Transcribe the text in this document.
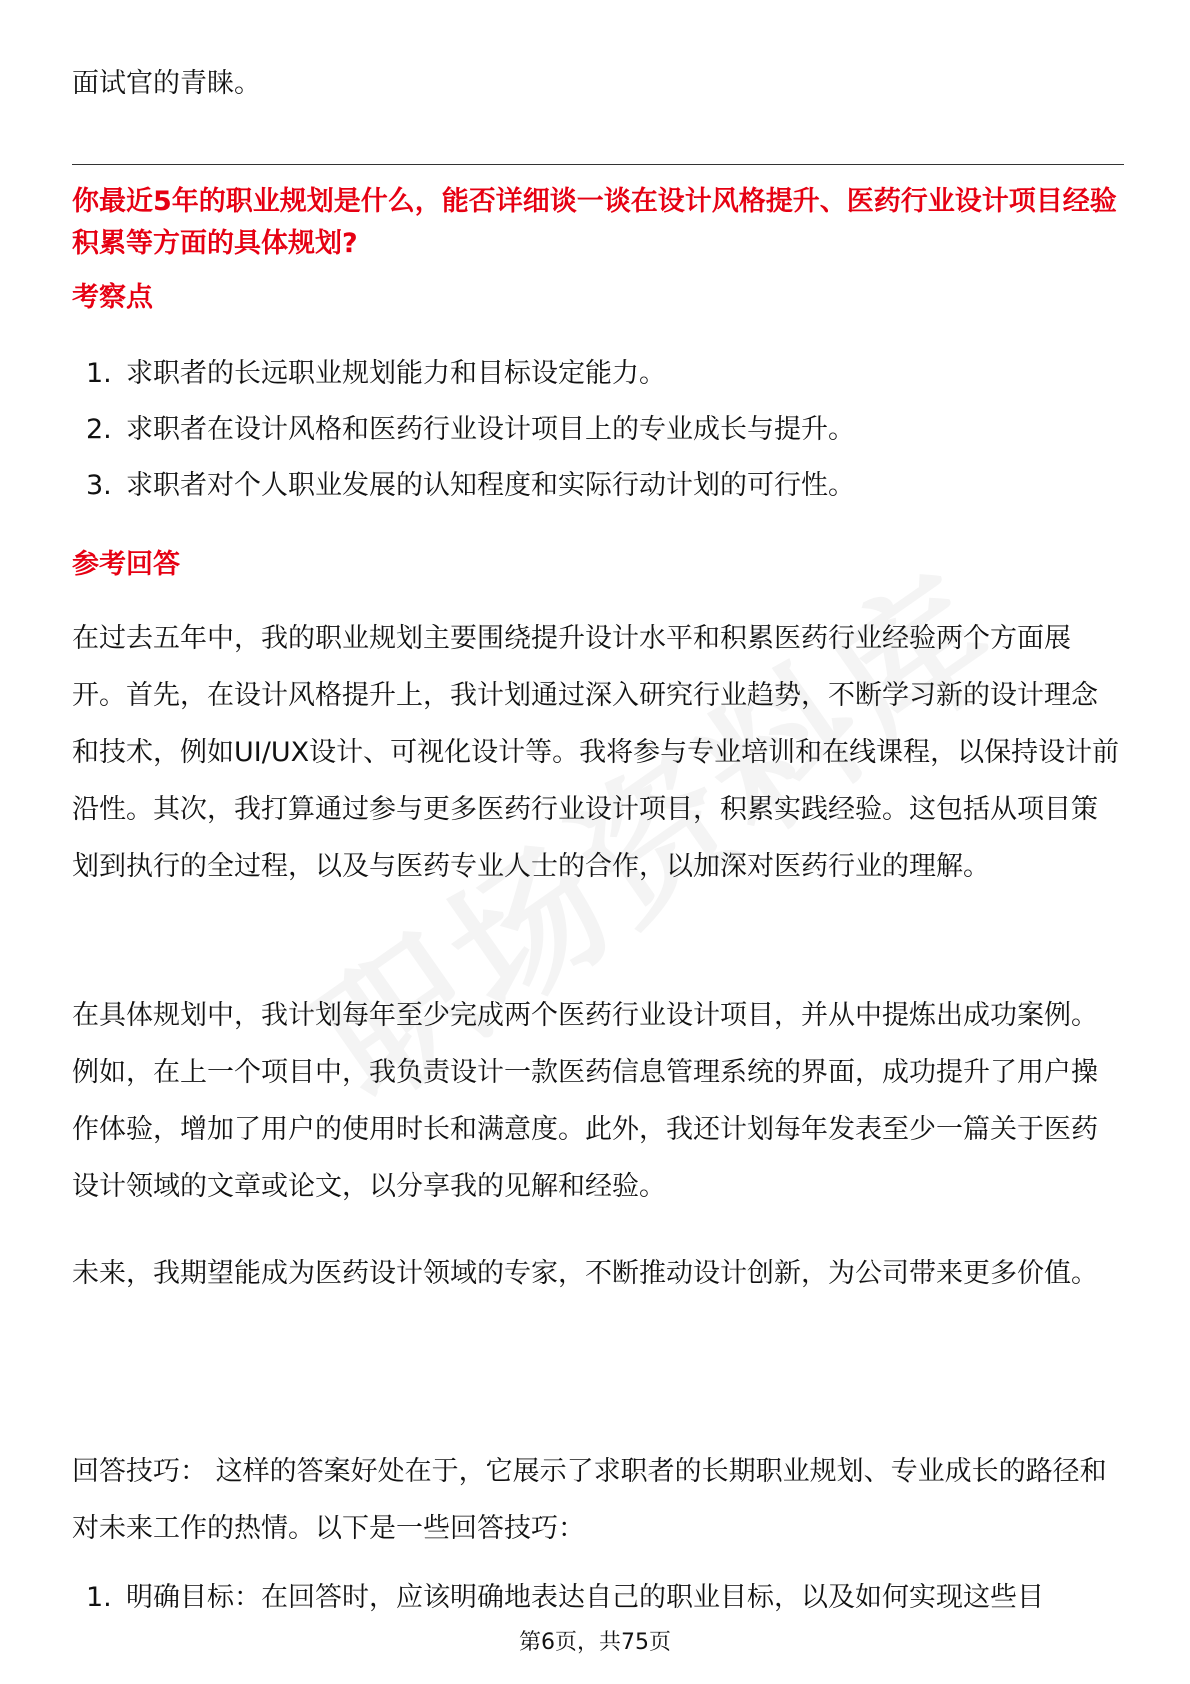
面试官的青睐。

你最近5年的职业规划是什么，能否详细谈一谈在设计风格提升、医药行业设计项目经验积累等方面的具体规划?

考察点

1. 求职者的长远职业规划能力和目标设定能力。
2. 求职者在设计风格和医药行业设计项目上的专业成长与提升。
3. 求职者对个人职业发展的认知程度和实际行动计划的可行性。

参考回答

在过去五年中，我的职业规划主要围绕提升设计水平和积累医药行业经验两个方面展开。首先，在设计风格提升上，我计划通过深入研究行业趋势，不断学习新的设计理念和技术，例如UI/UX设计、可视化设计等。我将参与专业培训和在线课程，以保持设计前沿性。其次，我打算通过参与更多医药行业设计项目，积累实践经验。这包括从项目策划到执行的全过程，以及与医药专业人士的合作，以加深对医药行业的理解。

在具体规划中，我计划每年至少完成两个医药行业设计项目，并从中提炼出成功案例。例如，在上一个项目中，我负责设计一款医药信息管理系统的界面，成功提升了用户操作体验，增加了用户的使用时长和满意度。此外，我还计划每年发表至少一篇关于医药设计领域的文章或论文，以分享我的见解和经验。

未来，我期望能成为医药设计领域的专家，不断推动设计创新，为公司带来更多价值。

回答技巧： 这样的答案好处在于，它展示了求职者的长期职业规划、专业成长的路径和对未来工作的热情。以下是一些回答技巧：

1. 明确目标：在回答时，应该明确地表达自己的职业目标，以及如何实现这些目
第6页，共75页
